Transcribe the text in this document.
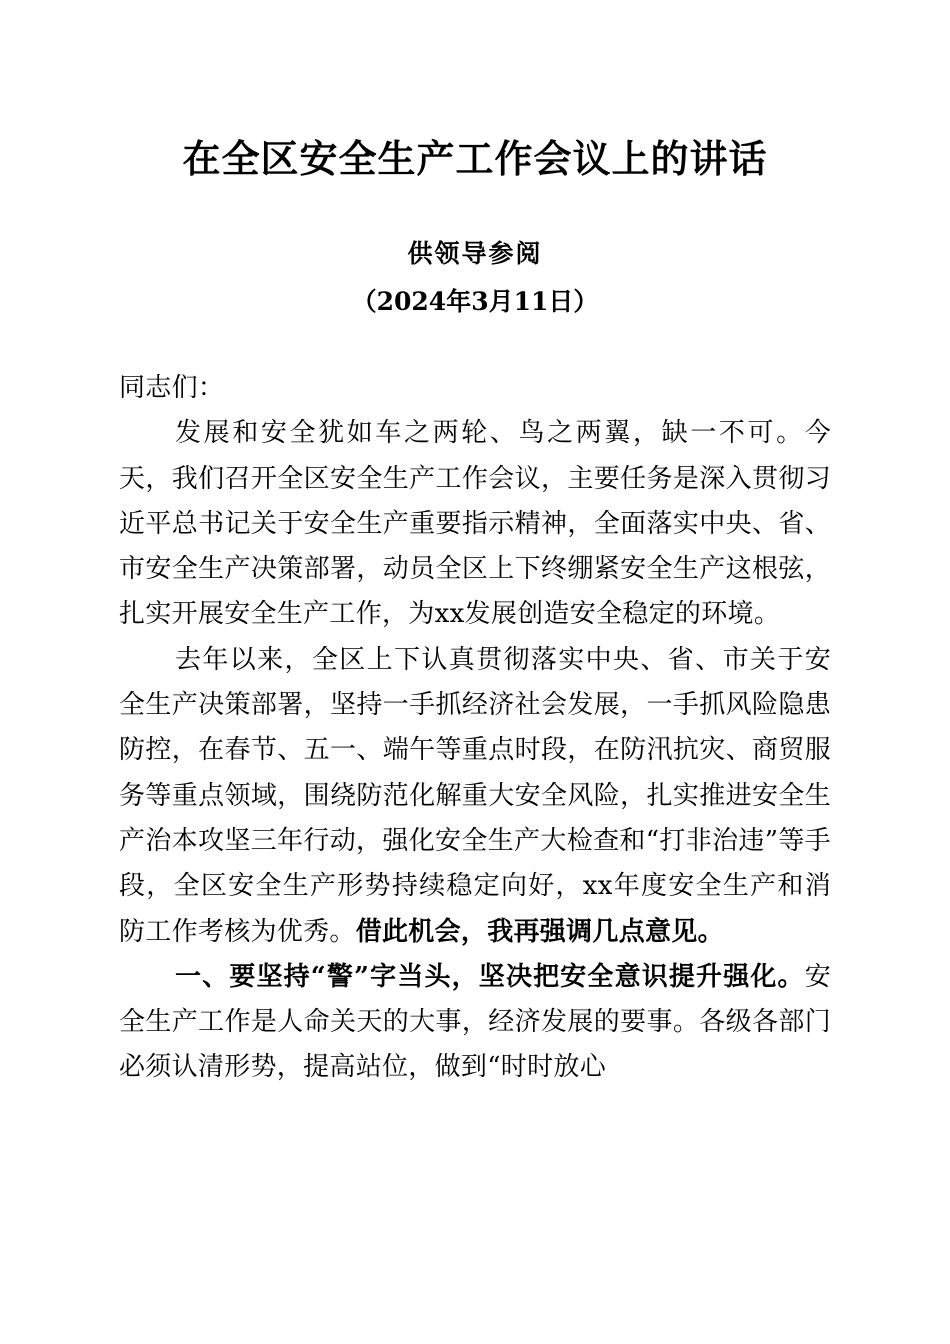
在全区安全生产工作会议上的讲话
供领导参阅
（2024年3月11日）

同志们：

发展和安全犹如车之两轮、鸟之两翼，缺一不可。今天，我们召开全区安全生产工作会议，主要任务是深入贯彻习近平总书记关于安全生产重要指示精神，全面落实中央、省、市安全生产决策部署，动员全区上下终绷紧安全生产这根弦，扎实开展安全生产工作，为xx发展创造安全稳定的环境。

去年以来，全区上下认真贯彻落实中央、省、市关于安全生产决策部署，坚持一手抓经济社会发展，一手抓风险隐患防控，在春节、五一、端午等重点时段，在防汛抗灾、商贸服务等重点领域，围绕防范化解重大安全风险，扎实推进安全生产治本攻坚三年行动，强化安全生产大检查和“打非治违”等手段，全区安全生产形势持续稳定向好，xx年度安全生产和消防工作考核为优秀。借此机会，我再强调几点意见。

一、要坚持“警”字当头，坚决把安全意识提升强化。安全生产工作是人命关天的大事，经济发展的要事。各级各部门必须认清形势，提高站位，做到“时时放心
